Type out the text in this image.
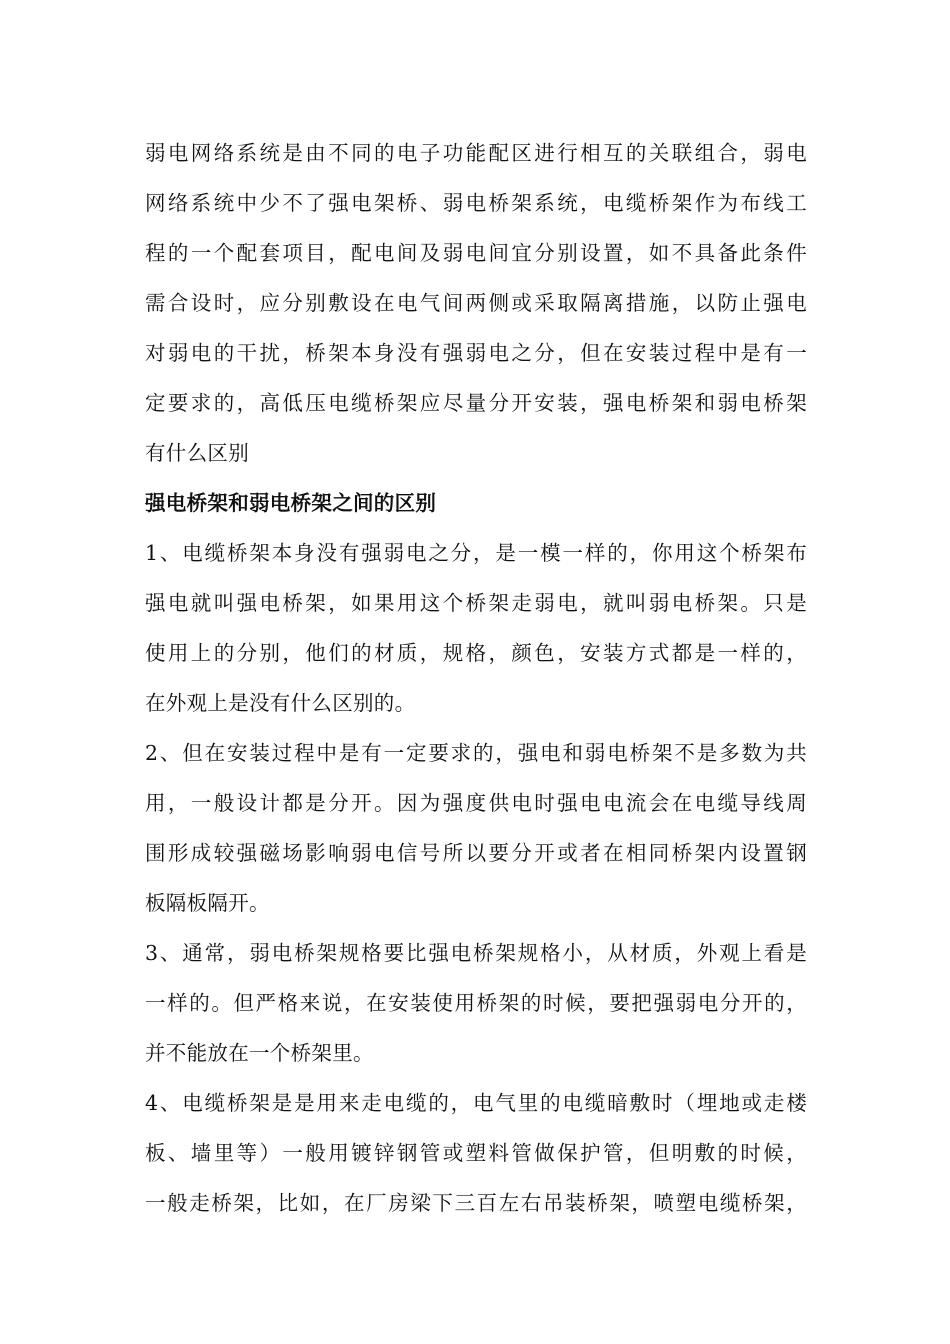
弱电网络系统是由不同的电子功能配区进行相互的关联组合，弱电
网络系统中少不了强电架桥、弱电桥架系统，电缆桥架作为布线工
程的一个配套项目，配电间及弱电间宜分别设置，如不具备此条件
需合设时，应分别敷设在电气间两侧或采取隔离措施，以防止强电
对弱电的干扰，桥架本身没有强弱电之分，但在安装过程中是有一
定要求的，高低压电缆桥架应尽量分开安装，强电桥架和弱电桥架
有什么区别
强电桥架和弱电桥架之间的区别
1、电缆桥架本身没有强弱电之分，是一模一样的，你用这个桥架布
强电就叫强电桥架，如果用这个桥架走弱电，就叫弱电桥架。只是
使用上的分别，他们的材质，规格，颜色，安装方式都是一样的，
在外观上是没有什么区别的。
2、但在安装过程中是有一定要求的，强电和弱电桥架不是多数为共
用，一般设计都是分开。因为强度供电时强电电流会在电缆导线周
围形成较强磁场影响弱电信号所以要分开或者在相同桥架内设置钢
板隔板隔开。
3、通常，弱电桥架规格要比强电桥架规格小，从材质，外观上看是
一样的。但严格来说，在安装使用桥架的时候，要把强弱电分开的，
并不能放在一个桥架里。
4、电缆桥架是是用来走电缆的，电气里的电缆暗敷时（埋地或走楼
板、墙里等）一般用镀锌钢管或塑料管做保护管，但明敷的时候，
一般走桥架，比如，在厂房梁下三百左右吊装桥架，喷塑电缆桥架，
